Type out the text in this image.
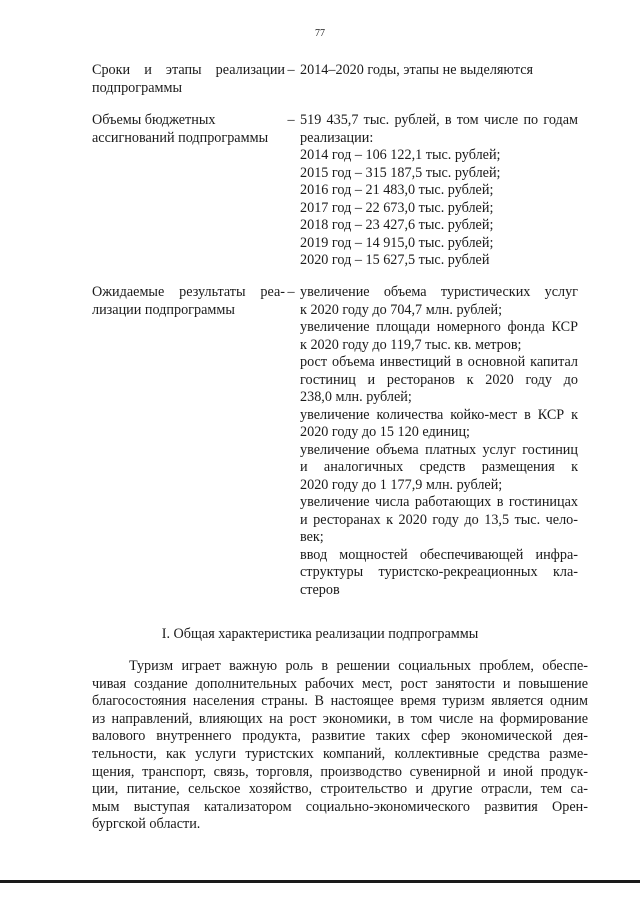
77
Сроки и этапы реализации
подпрограммы
– 2014–2020 годы, этапы не выделяются
Объемы бюджетных
ассигнований подпрограммы
– 519 435,7 тыс. рублей, в том числе по годам
реализации:
2014 год – 106 122,1 тыс. рублей;
2015 год – 315 187,5 тыс. рублей;
2016 год – 21 483,0 тыс. рублей;
2017 год – 22 673,0 тыс. рублей;
2018 год – 23 427,6 тыс. рублей;
2019 год – 14 915,0 тыс. рублей;
2020 год – 15 627,5 тыс. рублей
Ожидаемые результаты реа-
лизации подпрограммы
– увеличение объема туристических услуг
к 2020 году до 704,7 млн. рублей;
увеличение площади номерного фонда КСР
к 2020 году до 119,7 тыс. кв. метров;
рост объема инвестиций в основной капитал
гостиниц и ресторанов к 2020 году до
238,0 млн. рублей;
увеличение количества койко-мест в КСР к
2020 году до 15 120 единиц;
увеличение объема платных услуг гостиниц
и аналогичных средств размещения к
2020 году до 1 177,9 млн. рублей;
увеличение числа работающих в гостиницах
и ресторанах к 2020 году до 13,5 тыс. чело-
век;
ввод мощностей обеспечивающей инфра-
структуры туристско-рекреационных кла-
стеров
I. Общая характеристика реализации подпрограммы
Туризм играет важную роль в решении социальных проблем, обеспе-
чивая создание дополнительных рабочих мест, рост занятости и повышение
благосостояния населения страны. В настоящее время туризм является одним
из направлений, влияющих на рост экономики, в том числе на формирование
валового внутреннего продукта, развитие таких сфер экономической дея-
тельности, как услуги туристских компаний, коллективные средства разме-
щения, транспорт, связь, торговля, производство сувенирной и иной продук-
ции, питание, сельское хозяйство, строительство и другие отрасли, тем са-
мым выступая катализатором социально-экономического развития Орен-
бургской области.
